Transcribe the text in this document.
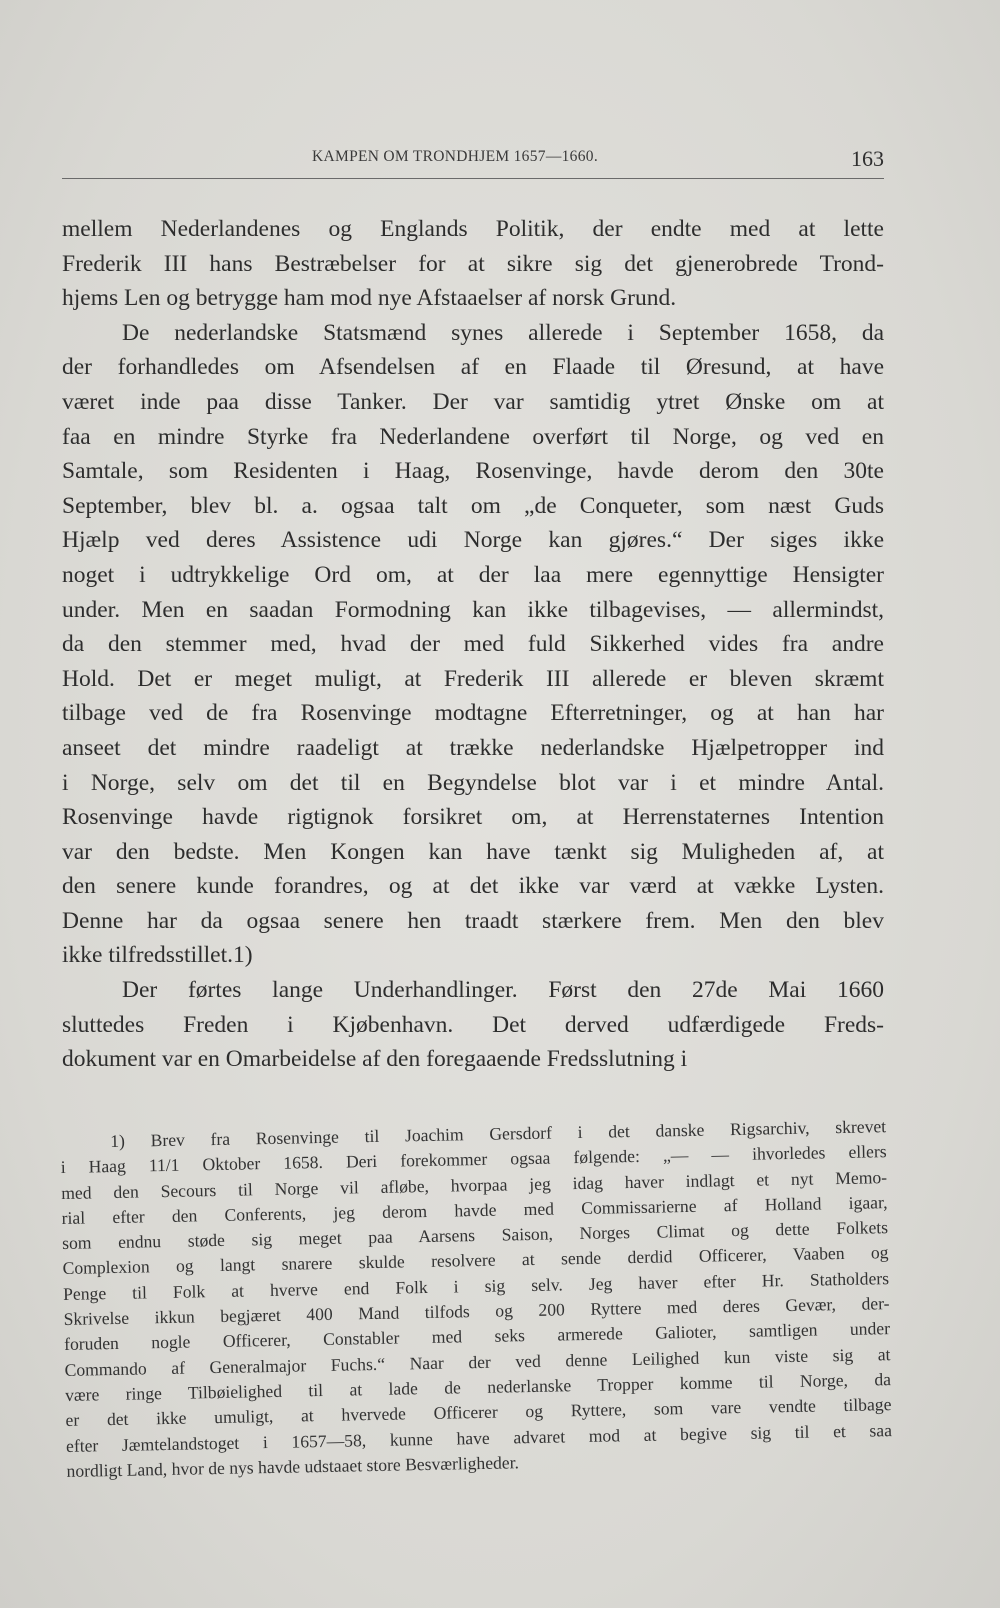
KAMPEN OM TRONDHJEM 1657—1660.	163
mellem Nederlandenes og Englands Politik, der endte med at lette
Frederik III hans Bestræbelser for at sikre sig det gjenerobrede Trond-
hjems Len og betrygge ham mod nye Afstaaelser af norsk Grund.
De nederlandske Statsmænd synes allerede i September 1658, da
der forhandledes om Afsendelsen af en Flaade til Øresund, at have
været inde paa disse Tanker. Der var samtidig ytret Ønske om at
faa en mindre Styrke fra Nederlandene overført til Norge, og ved en
Samtale, som Residenten i Haag, Rosenvinge, havde derom den 30te
September, blev bl. a. ogsaa talt om „de Conqueter, som næst Guds
Hjælp ved deres Assistence udi Norge kan gjøres.“ Der siges ikke
noget i udtrykkelige Ord om, at der laa mere egennyttige Hensigter
under. Men en saadan Formodning kan ikke tilbagevises, — allermindst,
da den stemmer med, hvad der med fuld Sikkerhed vides fra andre
Hold. Det er meget muligt, at Frederik III allerede er bleven skræmt
tilbage ved de fra Rosenvinge modtagne Efterretninger, og at han har
anseet det mindre raadeligt at trække nederlandske Hjælpetropper ind
i Norge, selv om det til en Begyndelse blot var i et mindre Antal.
Rosenvinge havde rigtignok forsikret om, at Herrenstaternes Intention
var den bedste. Men Kongen kan have tænkt sig Muligheden af, at
den senere kunde forandres, og at det ikke var værd at vække Lysten.
Denne har da ogsaa senere hen traadt stærkere frem. Men den blev
ikke tilfredsstillet.1)
Der førtes lange Underhandlinger. Først den 27de Mai 1660
sluttedes Freden i Kjøbenhavn. Det derved udfærdigede Freds-
dokument var en Omarbeidelse af den foregaaende Fredsslutning i
1) Brev fra Rosenvinge til Joachim Gersdorf i det danske Rigsarchiv, skrevet
i Haag 11/1 Oktober 1658. Deri forekommer ogsaa følgende: „— — ihvorledes ellers
med den Secours til Norge vil afløbe, hvorpaa jeg idag haver indlagt et nyt Memo-
rial efter den Conferents, jeg derom havde med Commissarierne af Holland igaar,
som endnu støde sig meget paa Aarsens Saison, Norges Climat og dette Folkets
Complexion og langt snarere skulde resolvere at sende derdid Officerer, Vaaben og
Penge til Folk at hverve end Folk i sig selv. Jeg haver efter Hr. Statholders
Skrivelse ikkun begjæret 400 Mand tilfods og 200 Ryttere med deres Gevær, der-
foruden nogle Officerer, Constabler med seks armerede Galioter, samtligen under
Commando af Generalmajor Fuchs.“ Naar der ved denne Leilighed kun viste sig at
være ringe Tilbøielighed til at lade de nederlanske Tropper komme til Norge, da
er det ikke umuligt, at hvervede Officerer og Ryttere, som vare vendte tilbage
efter Jæmtelandstoget i 1657—58, kunne have advaret mod at begive sig til et saa
nordligt Land, hvor de nys havde udstaaet store Besværligheder.
